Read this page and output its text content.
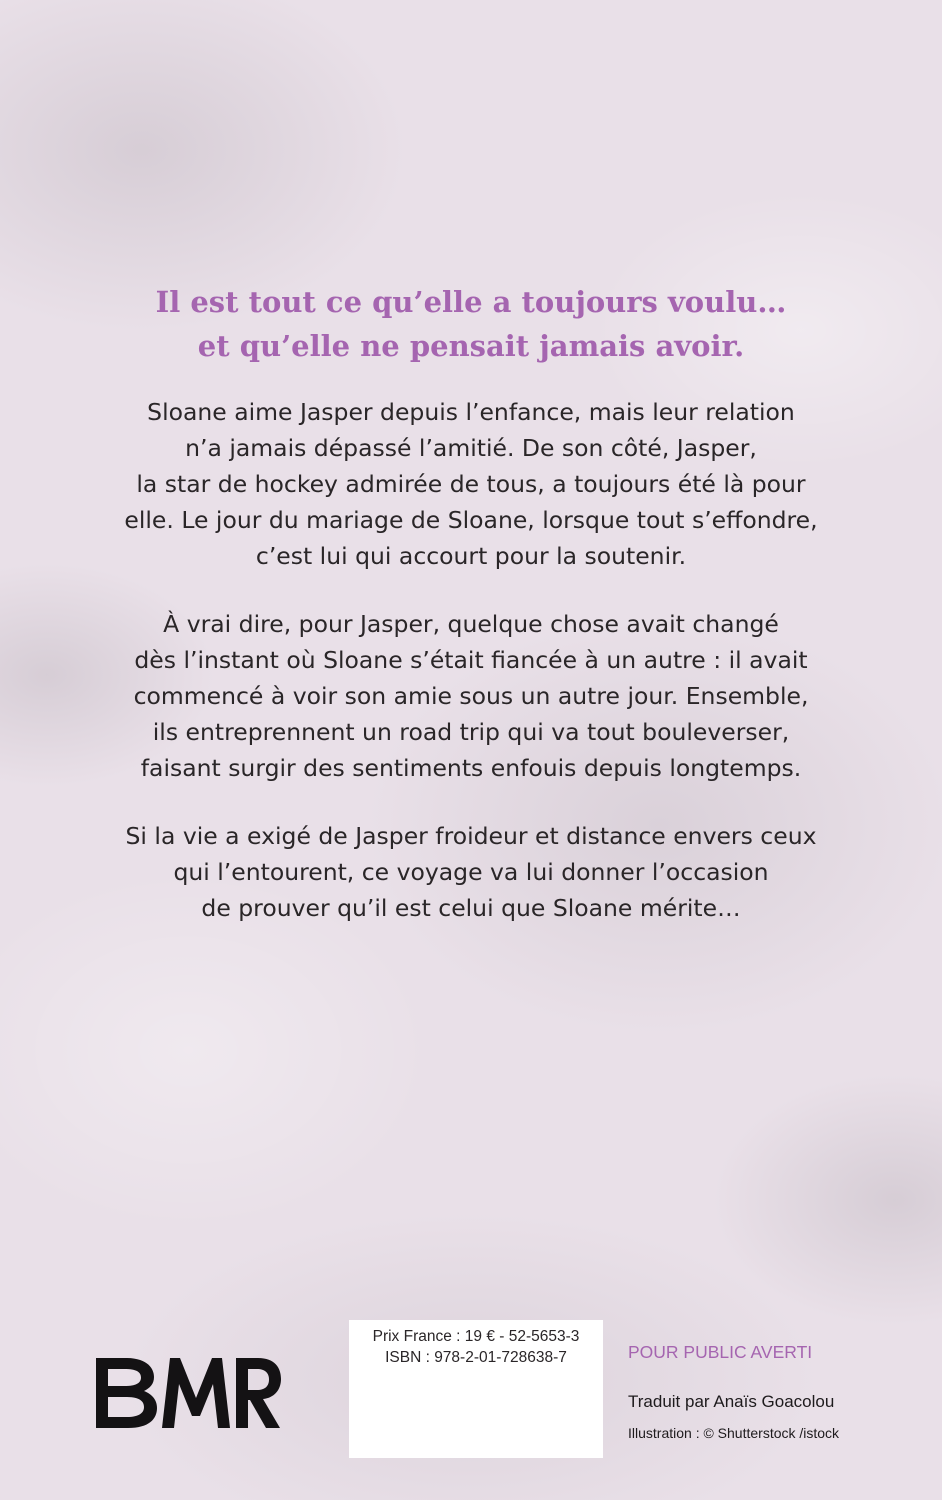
Il est tout ce qu’elle a toujours voulu…
et qu’elle ne pensait jamais avoir.

Sloane aime Jasper depuis l’enfance, mais leur relation
n’a jamais dépassé l’amitié. De son côté, Jasper,
la star de hockey admirée de tous, a toujours été là pour
elle. Le jour du mariage de Sloane, lorsque tout s’effondre,
c’est lui qui accourt pour la soutenir.

À vrai dire, pour Jasper, quelque chose avait changé
dès l’instant où Sloane s’était fiancée à un autre : il avait
commencé à voir son amie sous un autre jour. Ensemble,
ils entreprennent un road trip qui va tout bouleverser,
faisant surgir des sentiments enfouis depuis longtemps.

Si la vie a exigé de Jasper froideur et distance envers ceux
qui l’entourent, ce voyage va lui donner l’occasion
de prouver qu’il est celui que Sloane mérite…

Prix France : 19 € - 52-5653-3
ISBN : 978-2-01-728638-7	POUR PUBLIC AVERTI

Traduit par Anaïs Goacolou

Illustration : © Shutterstock /istock
